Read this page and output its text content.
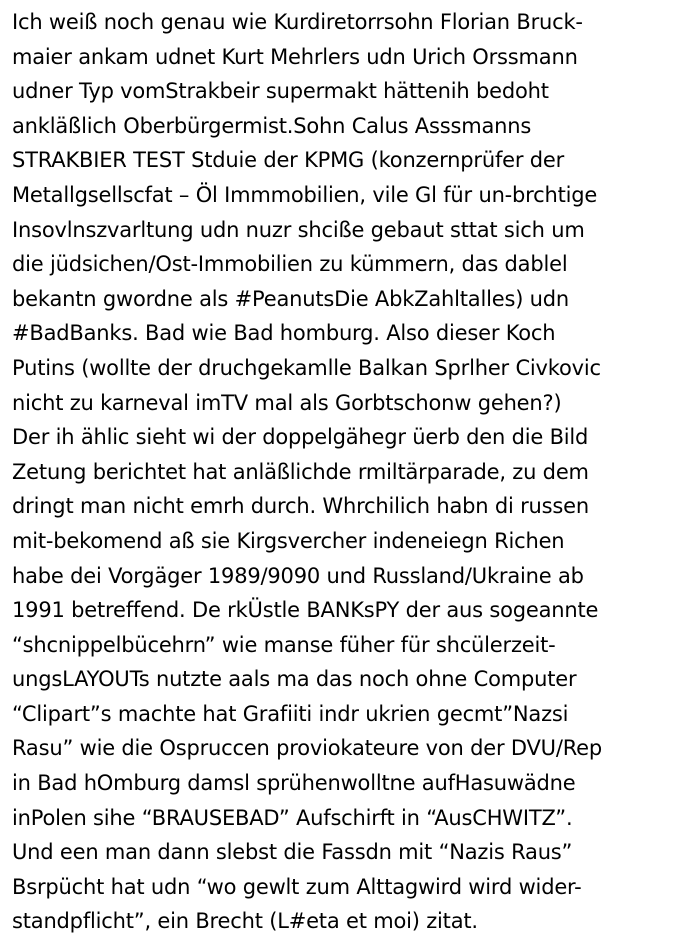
Ich weiß noch genau wie Kurdiretorrsohn Florian Bruck-
maier ankam udnet Kurt Mehrlers udn Urich Orssmann
udner Typ vomStrakbeir supermakt hättenih bedoht
ankläßlich Oberbürgermist.Sohn Calus Asssmanns
STRAKBIER TEST Stduie der KPMG (konzernprüfer der
Metallgsellscfat – Öl Immmobilien, vile Gl für un-brchtige
Insovlnszvarltung udn nuzr shciße gebaut sttat sich um
die jüdsichen/Ost-Immobilien zu kümmern, das dablel
bekantn gwordne als #PeanutsDie AbkZahltalles) udn
#BadBanks. Bad wie Bad homburg. Also dieser Koch
Putins (wollte der druchgekamlle Balkan Sprlher Civkovic
nicht zu karneval imTV mal als Gorbtschonw gehen?)
Der ih ählic sieht wi der doppelgähegr üerb den die Bild
Zetung berichtet hat anläßlichde rmiltärparade, zu dem
dringt man nicht emrh durch. Whrchilich habn di russen
mit-bekomend aß sie Kirgsvercher indeneiegn Richen
habe dei Vorgäger 1989/9090 und Russland/Ukraine ab
1991 betreffend. De rkÜstle BANKsPY der aus sogeannte
“shcnippelbücehrn” wie manse füher für shcülerzeit-
ungsLAYOUTs nutzte aals ma das noch ohne Computer
“Clipart”s machte hat Grafiiti indr ukrien gecmt”Nazsi
Rasu” wie die Ospruссen proviokateure von der DVU/Rep
in Bad hOmburg damsl sprühenwolltne aufHasuwädne
inPolen sihe “BRAUSEBAD” Aufschirft in “AusCHWITZ”.
Und een man dann slebst die Fassdn mit “Nazis Raus”
Bsrpücht hat udn “wo gewlt zum Alttagwird wird wider-
standpflicht”, ein Brecht (L#eta et moi) zitat.
